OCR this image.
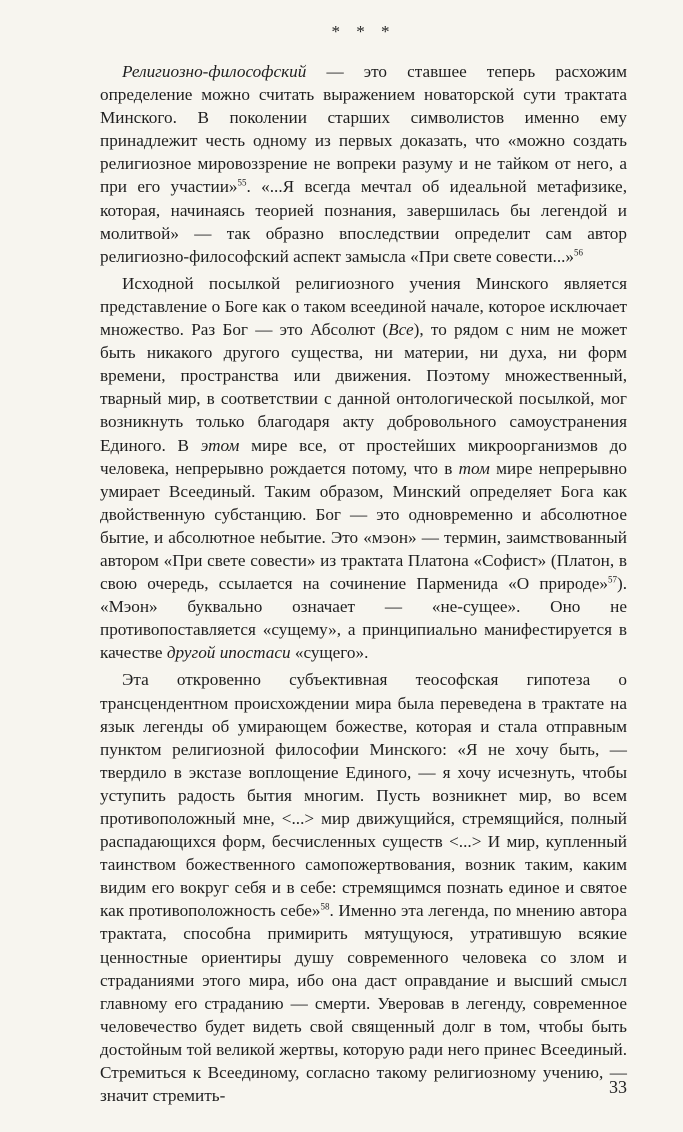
* * *

Религиозно-философский — это ставшее теперь расхожим определение можно считать выражением новаторской сути трактата Минского. В поколении старших символистов именно ему принадлежит честь одному из первых доказать, что «можно создать религиозное мировоззрение не вопреки разуму и не тайком от него, а при его участии»$^{55}$. «...Я всегда мечтал об идеальной метафизике, которая, начинаясь теорией познания, завершилась бы легендой и молитвой» — так образно впоследствии определит сам автор религиозно-философский аспект замысла «При свете совести...»$^{56}$

Исходной посылкой религиозного учения Минского является представление о Боге как о таком всеединой начале, которое исключает множество. Раз Бог — это Абсолют (Все), то рядом с ним не может быть никакого другого существа, ни материи, ни духа, ни форм времени, пространства или движения. Поэтому множественный, тварный мир, в соответствии с данной онтологической посылкой, мог возникнуть только благодаря акту добровольного самоустранения Единого. В этом мире все, от простейших микроорганизмов до человека, непрерывно рождается потому, что в том мире непрерывно умирает Всеединый. Таким образом, Минский определяет Бога как двойственную субстанцию. Бог — это одновременно и абсолютное бытие, и абсолютное небытие. Это «мэон» — термин, заимствованный автором «При свете совести» из трактата Платона «Софист» (Платон, в свою очередь, ссылается на сочинение Парменида «О природе»$^{57}$). «Мэон» буквально означает — «не-сущее». Оно не противопоставляется «сущему», а принципиально манифестируется в качестве другой ипостаси «сущего».

Эта откровенно субъективная теософская гипотеза о трансцендентном происхождении мира была переведена в трактате на язык легенды об умирающем божестве, которая и стала отправным пунктом религиозной философии Минского: «Я не хочу быть, — твердило в экстазе воплощение Единого, — я хочу исчезнуть, чтобы уступить радость бытия многим. Пусть возникнет мир, во всем противоположный мне, <...> мир движущийся, стремящийся, полный распадающихся форм, бесчисленных существ <...> И мир, купленный таинством божественного самопожертвования, возник таким, каким видим его вокруг себя и в себе: стремящимся познать единое и святое как противоположность себе»$^{58}$. Именно эта легенда, по мнению автора трактата, способна примирить мятущуюся, утратившую всякие ценностные ориентиры душу современного человека со злом и страданиями этого мира, ибо она даст оправдание и высший смысл главному его страданию — смерти. Уверовав в легенду, современное человечество будет видеть свой священный долг в том, чтобы быть достойным той великой жертвы, которую ради него принес Всеединый. Стремиться к Всеединому, согласно такому религиозному учению, — значит стремить-	33
